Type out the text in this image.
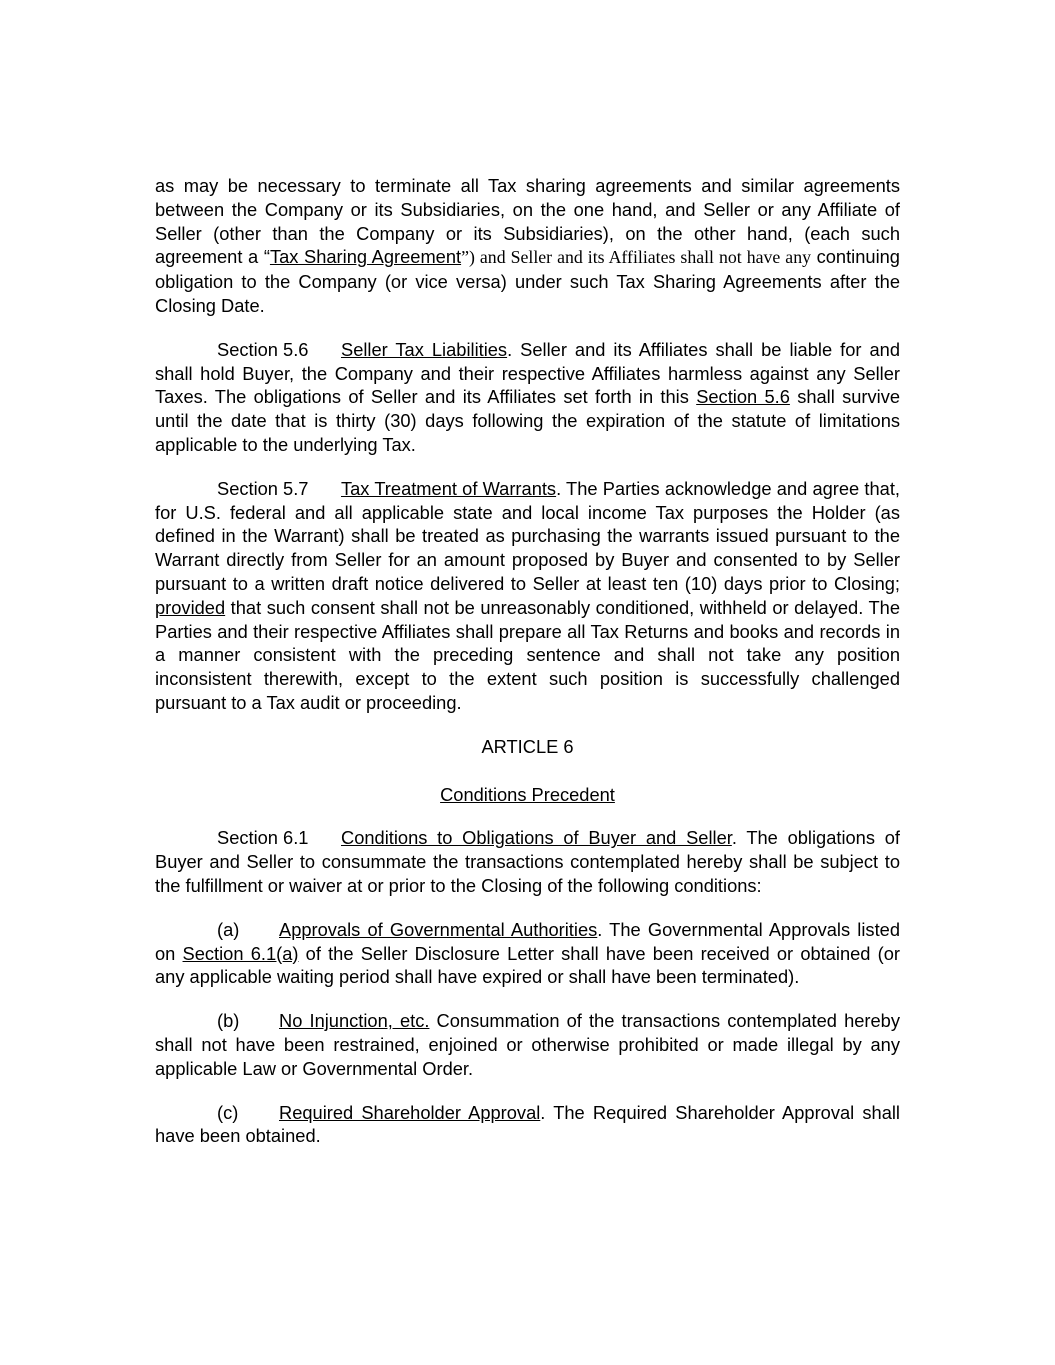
as may be necessary to terminate all Tax sharing agreements and similar agreements between the Company or its Subsidiaries, on the one hand, and Seller or any Affiliate of Seller (other than the Company or its Subsidiaries), on the other hand, (each such agreement a “Tax Sharing Agreement”) and Seller and its Affiliates shall not have any continuing obligation to the Company (or vice versa) under such Tax Sharing Agreements after the Closing Date.

Section 5.6 Seller Tax Liabilities. Seller and its Affiliates shall be liable for and shall hold Buyer, the Company and their respective Affiliates harmless against any Seller Taxes. The obligations of Seller and its Affiliates set forth in this Section 5.6 shall survive until the date that is thirty (30) days following the expiration of the statute of limitations applicable to the underlying Tax.

Section 5.7 Tax Treatment of Warrants. The Parties acknowledge and agree that, for U.S. federal and all applicable state and local income Tax purposes the Holder (as defined in the Warrant) shall be treated as purchasing the warrants issued pursuant to the Warrant directly from Seller for an amount proposed by Buyer and consented to by Seller pursuant to a written draft notice delivered to Seller at least ten (10) days prior to Closing; provided that such consent shall not be unreasonably conditioned, withheld or delayed. The Parties and their respective Affiliates shall prepare all Tax Returns and books and records in a manner consistent with the preceding sentence and shall not take any position inconsistent therewith, except to the extent such position is successfully challenged pursuant to a Tax audit or proceeding.

ARTICLE 6

Conditions Precedent

Section 6.1 Conditions to Obligations of Buyer and Seller. The obligations of Buyer and Seller to consummate the transactions contemplated hereby shall be subject to the fulfillment or waiver at or prior to the Closing of the following conditions:

(a) Approvals of Governmental Authorities. The Governmental Approvals listed on Section 6.1(a) of the Seller Disclosure Letter shall have been received or obtained (or any applicable waiting period shall have expired or shall have been terminated).

(b) No Injunction, etc. Consummation of the transactions contemplated hereby shall not have been restrained, enjoined or otherwise prohibited or made illegal by any applicable Law or Governmental Order.

(c) Required Shareholder Approval. The Required Shareholder Approval shall have been obtained.
